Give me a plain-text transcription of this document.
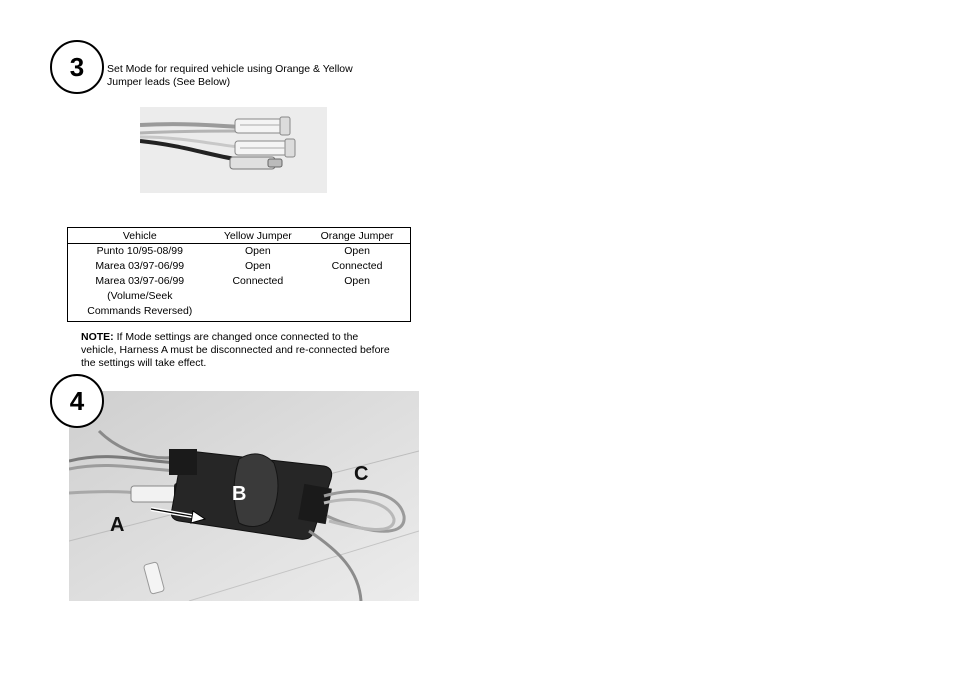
3 Set Mode for required vehicle using Orange & Yellow Jumper leads (See Below)
Vehicle	Yellow Jumper	Orange Jumper
Punto 10/95-08/99	Open	Open
Marea 03/97-06/99	Open	Connected
Marea 03/97-06/99	Connected	Open
(Volume/Seek		
Commands Reversed)		
NOTE: If Mode settings are changed once connected to the vehicle, Harness A must be disconnected and re-connected before the settings will take effect.
4
A
B
C
